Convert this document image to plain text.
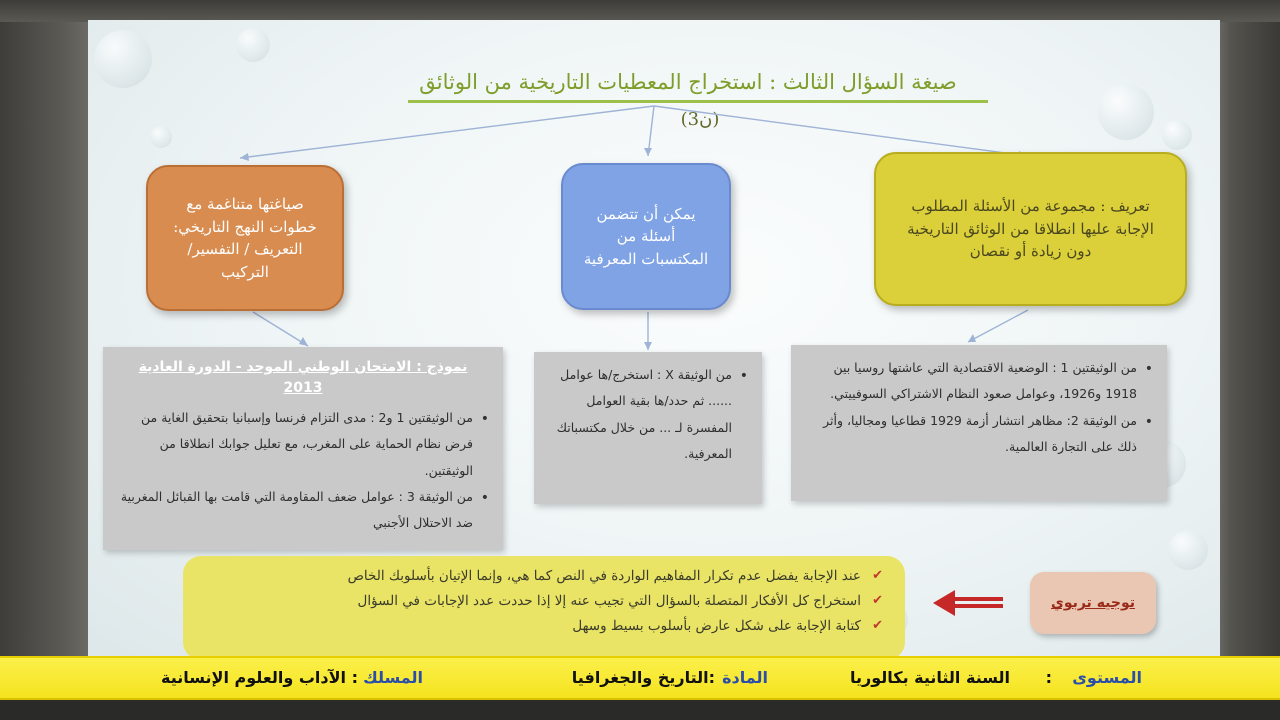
صيغة السؤال الثالث : استخراج المعطيات التاريخية من الوثائق (ن3)
صياغتها متناغمة مع خطوات النهج التاريخي: التعريف / التفسير/ التركيب
يمكن أن تتضمن أسئلة من المكتسبات المعرفية
تعريف : مجموعة من الأسئلة المطلوب الإجابة عليها انطلاقا من الوثائق التاريخية دون زيادة أو نقصان
نموذج : الامتحان الوطني الموحد - الدورة العادية 2013
• من الوثيقتين 1 و2 : مدى التزام فرنسا وإسبانيا بتحقيق الغاية من فرض نظام الحماية على المغرب، مع تعليل جوابك انطلاقا من الوثيقتين.
• من الوثيقة 3 : عوامل ضعف المقاومة التي قامت بها القبائل المغربية ضد الاحتلال الأجنبي
• من الوثيقة X : استخرج/ها عوامل ...... ثم حدد/ها بقية العوامل المفسرة لـ ... من خلال مكتسباتك المعرفية.
• من الوثيقتين 1 : الوضعية الاقتصادية التي عاشتها روسيا بين 1918 و1926، وعوامل صعود النظام الاشتراكي السوفييتي.
• من الوثيقة 2: مظاهر انتشار أزمة 1929 قطاعيا ومجاليا، وأثر ذلك على التجارة العالمية.
✔ عند الإجابة يفضل عدم تكرار المفاهيم الواردة في النص كما هي، وإنما الإتيان بأسلوبك الخاص
✔ استخراج كل الأفكار المتصلة بالسؤال التي تجيب عنه إلا إذا حددت عدد الإجابات في السؤال
✔ كتابة الإجابة على شكل عارض بأسلوب بسيط وسهل
توجيه تربوي
المستوى
:
السنة الثانية بكالوريا
المادة
:التاريخ والجغرافيا
المسلك
: الآداب والعلوم الإنسانية
